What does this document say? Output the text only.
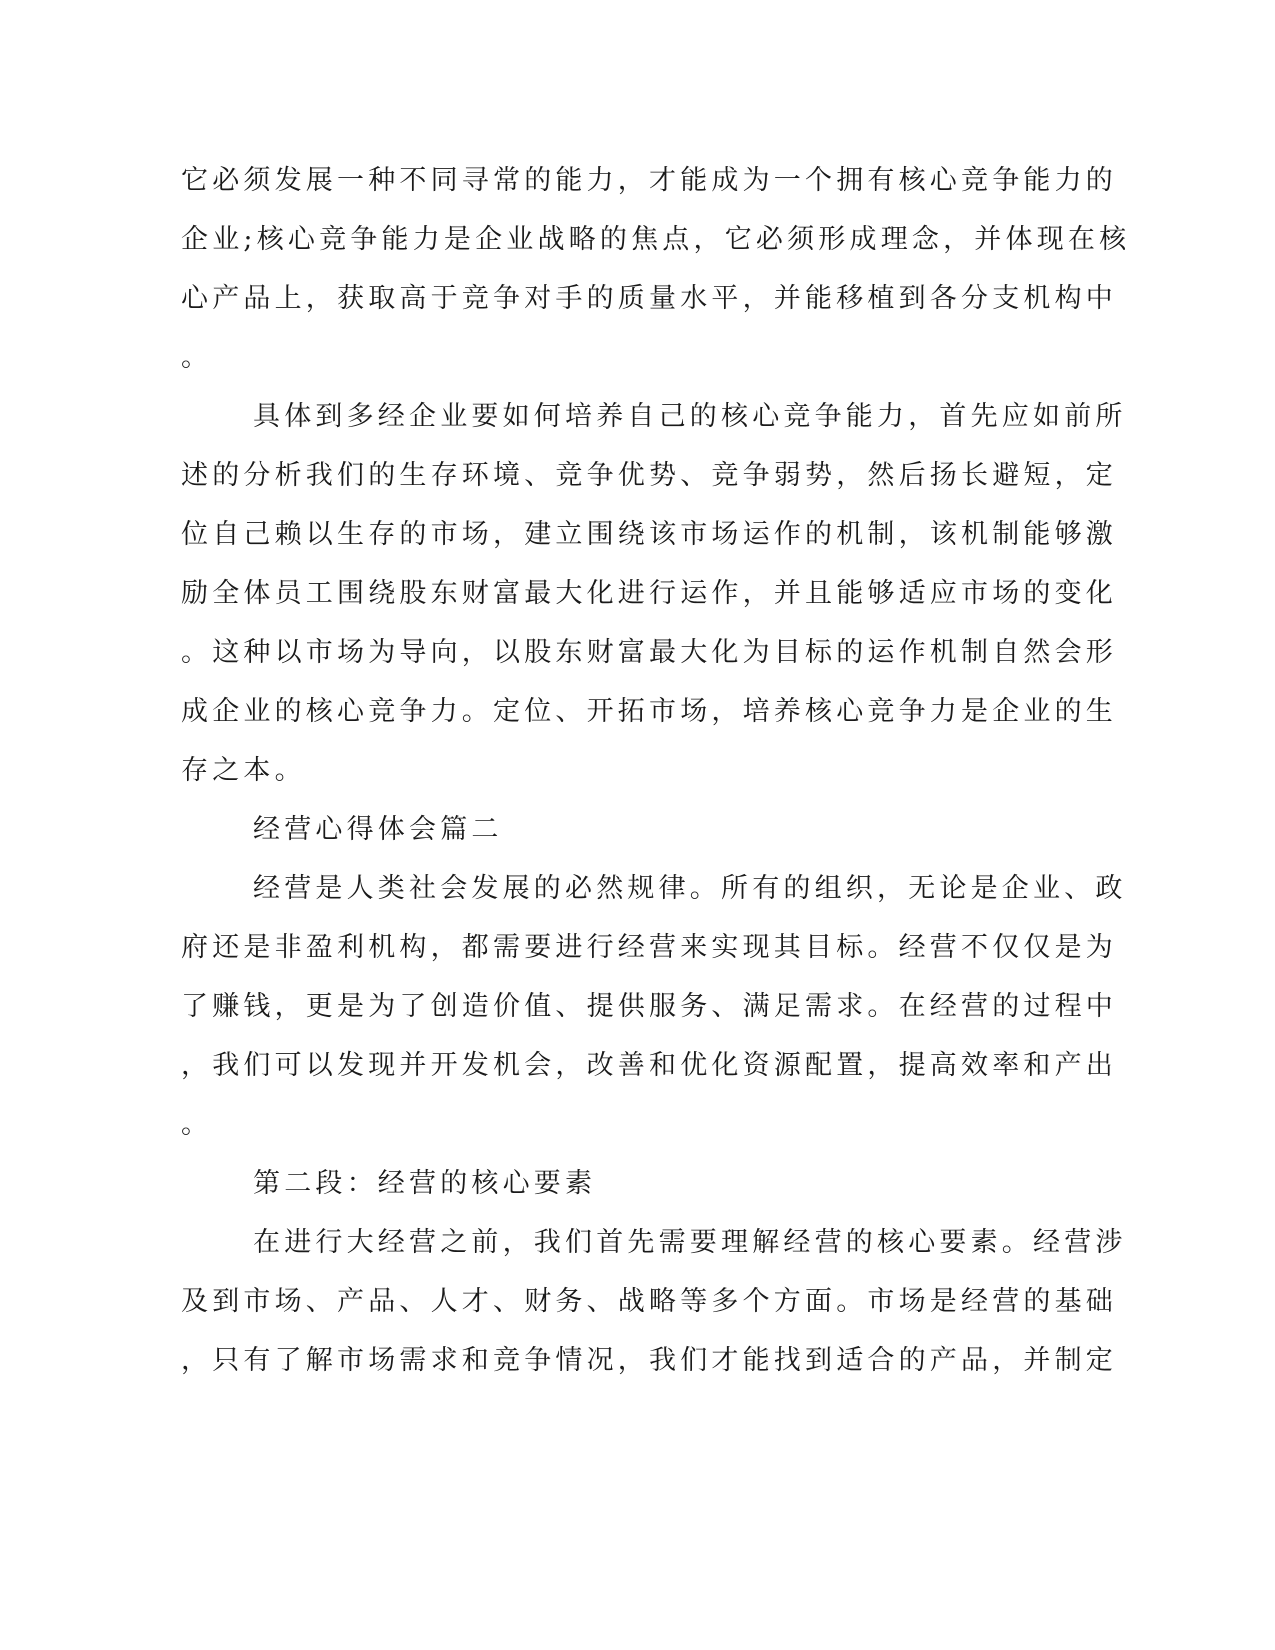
它必须发展一种不同寻常的能力，才能成为一个拥有核心竞争能力的
企业;核心竞争能力是企业战略的焦点，它必须形成理念，并体现在核
心产品上，获取高于竞争对手的质量水平，并能移植到各分支机构中
。
具体到多经企业要如何培养自己的核心竞争能力，首先应如前所
述的分析我们的生存环境、竞争优势、竞争弱势，然后扬长避短，定
位自己赖以生存的市场，建立围绕该市场运作的机制，该机制能够激
励全体员工围绕股东财富最大化进行运作，并且能够适应市场的变化
。这种以市场为导向，以股东财富最大化为目标的运作机制自然会形
成企业的核心竞争力。定位、开拓市场，培养核心竞争力是企业的生
存之本。
经营心得体会篇二
经营是人类社会发展的必然规律。所有的组织，无论是企业、政
府还是非盈利机构，都需要进行经营来实现其目标。经营不仅仅是为
了赚钱，更是为了创造价值、提供服务、满足需求。在经营的过程中
，我们可以发现并开发机会，改善和优化资源配置，提高效率和产出
。
第二段：经营的核心要素
在进行大经营之前，我们首先需要理解经营的核心要素。经营涉
及到市场、产品、人才、财务、战略等多个方面。市场是经营的基础
，只有了解市场需求和竞争情况，我们才能找到适合的产品，并制定
